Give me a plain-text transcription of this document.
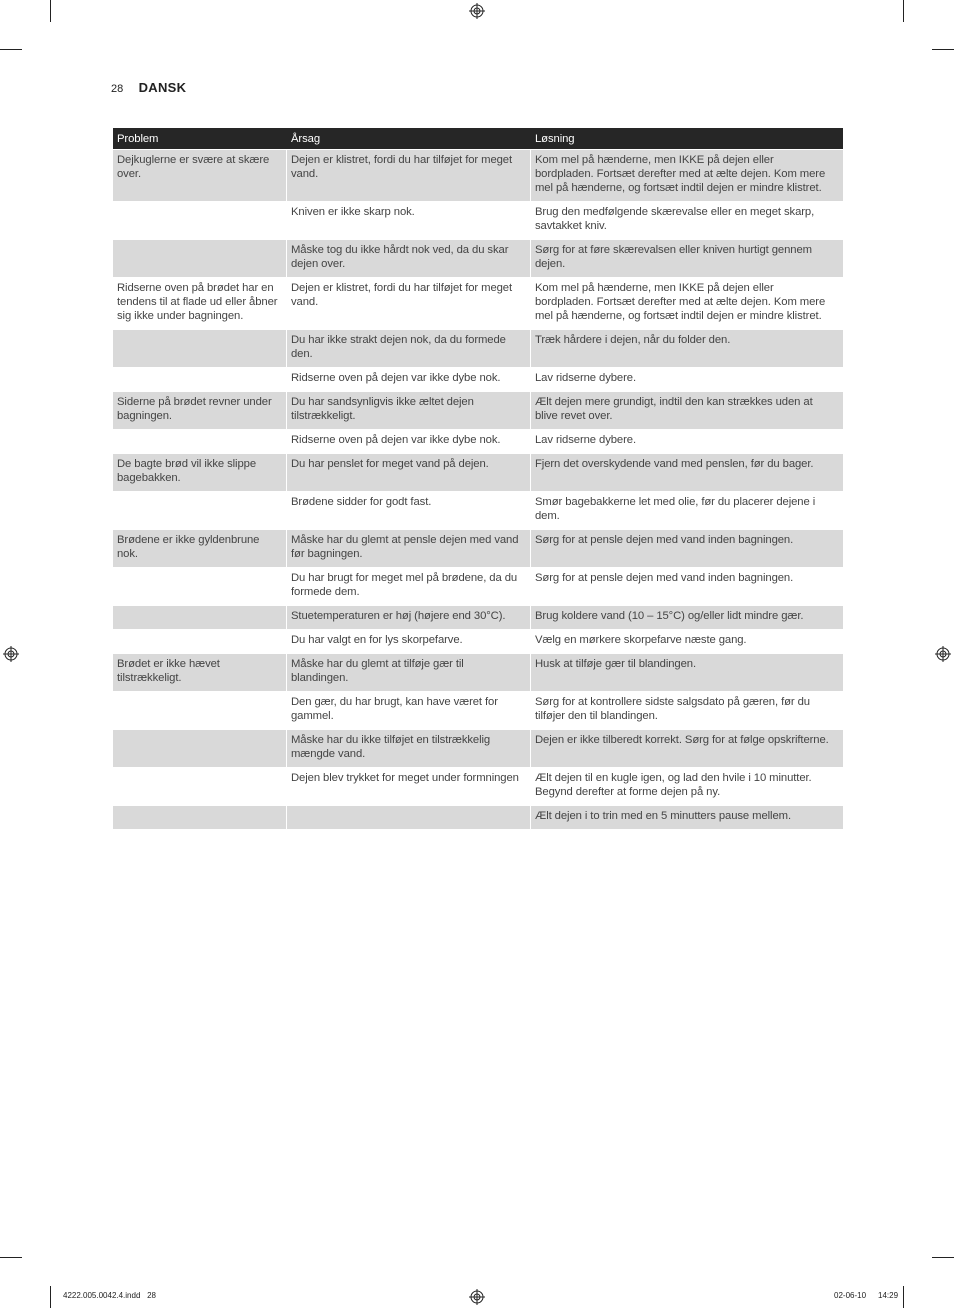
28 DANSK
Problem	Årsag	Løsning
Dejkuglerne er svære at skære over.	Dejen er klistret, fordi du har tilføjet for meget vand.	Kom mel på hænderne, men IKKE på dejen eller bordpladen. Fortsæt derefter med at ælte dejen. Kom mere mel på hænderne, og fortsæt indtil dejen er mindre klistret.
	Kniven er ikke skarp nok.	Brug den medfølgende skærevalse eller en meget skarp, savtakket kniv.
	Måske tog du ikke hårdt nok ved, da du skar dejen over.	Sørg for at føre skærevalsen eller kniven hurtigt gennem dejen.
Ridserne oven på brødet har en tendens til at flade ud eller åbner sig ikke under bagningen.	Dejen er klistret, fordi du har tilføjet for meget vand.	Kom mel på hænderne, men IKKE på dejen eller bordpladen. Fortsæt derefter med at ælte dejen. Kom mere mel på hænderne, og fortsæt indtil dejen er mindre klistret.
	Du har ikke strakt dejen nok, da du formede den.	Træk hårdere i dejen, når du folder den.
	Ridserne oven på dejen var ikke dybe nok.	Lav ridserne dybere.
Siderne på brødet revner under bagningen.	Du har sandsynligvis ikke æltet dejen tilstrækkeligt.	Ælt dejen mere grundigt, indtil den kan strækkes uden at blive revet over.
	Ridserne oven på dejen var ikke dybe nok.	Lav ridserne dybere.
De bagte brød vil ikke slippe bagebakken.	Du har penslet for meget vand på dejen.	Fjern det overskydende vand med penslen, før du bager.
	Brødene sidder for godt fast.	Smør bagebakkerne let med olie, før du placerer dejene i dem.
Brødene er ikke gyldenbrune nok.	Måske har du glemt at pensle dejen med vand før bagningen.	Sørg for at pensle dejen med vand inden bagningen.
	Du har brugt for meget mel på brødene, da du formede dem.	Sørg for at pensle dejen med vand inden bagningen.
	Stuetemperaturen er høj (højere end 30°C).	Brug koldere vand (10 – 15°C) og/eller lidt mindre gær.
	Du har valgt en for lys skorpefarve.	Vælg en mørkere skorpefarve næste gang.
Brødet er ikke hævet tilstrækkeligt.	Måske har du glemt at tilføje gær til blandingen.	Husk at tilføje gær til blandingen.
	Den gær, du har brugt, kan have været for gammel.	Sørg for at kontrollere sidste salgsdato på gæren, før du tilføjer den til blandingen.
	Måske har du ikke tilføjet en tilstrækkelig mængde vand.	Dejen er ikke tilberedt korrekt. Sørg for at følge opskrifterne.
	Dejen blev trykket for meget under formningen	Ælt dejen til en kugle igen, og lad den hvile i 10 minutter. Begynd derefter at forme dejen på ny.
		Ælt dejen i to trin med en 5 minutters pause mellem.
4222.005.0042.4.indd   28	02-06-10 14:29
